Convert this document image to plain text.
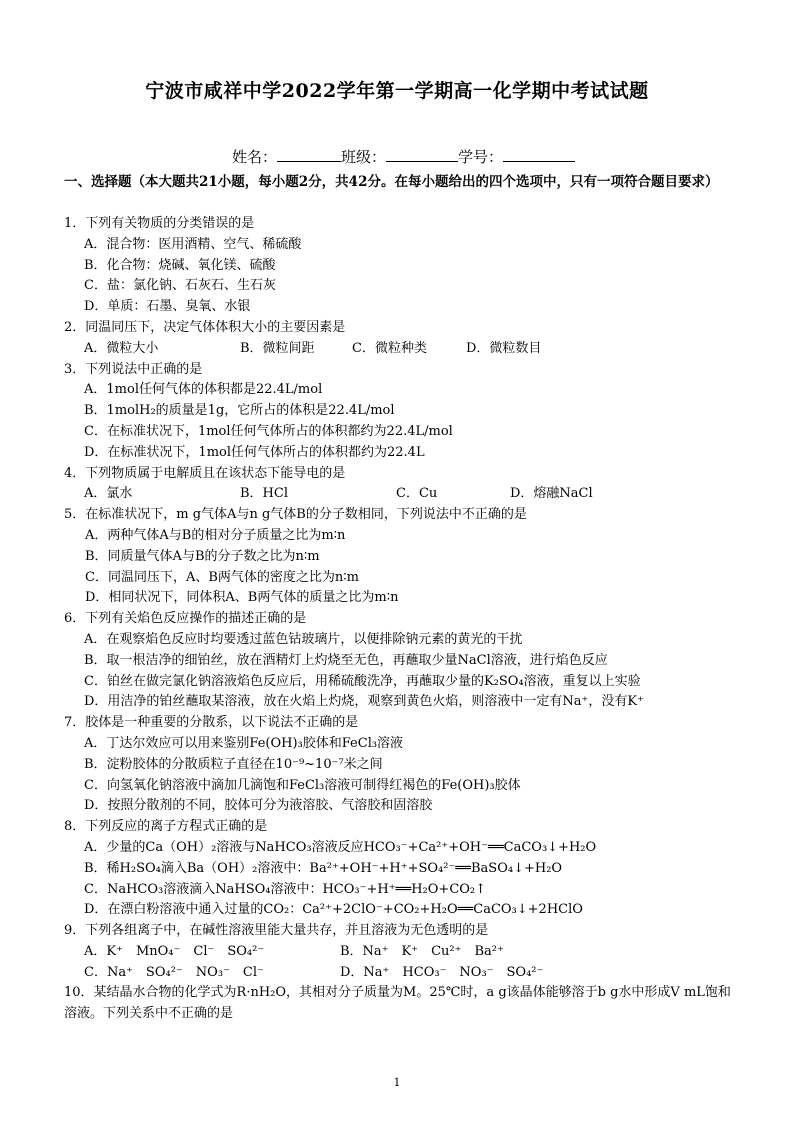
宁波市咸祥中学2022学年第一学期高一化学期中考试试题
姓名：	班级：	学号：
一、选择题（本大题共21小题，每小题2分，共42分。在每小题给出的四个选项中，只有一项符合题目要求）
1．下列有关物质的分类错误的是
A．混合物：医用酒精、空气、稀硫酸
B．化合物：烧碱、氧化镁、硫酸
C．盐：氯化钠、石灰石、生石灰
D．单质：石墨、臭氧、水银
2．同温同压下，决定气体体积大小的主要因素是
A．微粒大小	B．微粒间距	C．微粒种类	D．微粒数目
3．下列说法中正确的是
A．1mol任何气体的体积都是22.4L/mol
B．1molH₂的质量是1g，它所占的体积是22.4L/mol
C．在标准状况下，1mol任何气体所占的体积都约为22.4L/mol
D．在标准状况下，1mol任何气体所占的体积都约为22.4L
4．下列物质属于电解质且在该状态下能导电的是
A．氯水	B．HCl	C．Cu	D．熔融NaCl
5．在标准状况下，m g气体A与n g气体B的分子数相同，下列说法中不正确的是
A．两种气体A与B的相对分子质量之比为m∶n
B．同质量气体A与B的分子数之比为n∶m
C．同温同压下，A、B两气体的密度之比为n∶m
D．相同状况下，同体积A、B两气体的质量之比为m∶n
6．下列有关焰色反应操作的描述正确的是
A．在观察焰色反应时均要透过蓝色钴玻璃片，以便排除钠元素的黄光的干扰
B．取一根洁净的细铂丝，放在酒精灯上灼烧至无色，再蘸取少量NaCl溶液，进行焰色反应
C．铂丝在做完氯化钠溶液焰色反应后，用稀硫酸洗净，再蘸取少量的K₂SO₄溶液，重复以上实验
D．用洁净的铂丝蘸取某溶液，放在火焰上灼烧，观察到黄色火焰，则溶液中一定有Na⁺，没有K⁺
7．胶体是一种重要的分散系，以下说法不正确的是
A．丁达尔效应可以用来鉴别Fe(OH)₃胶体和FeCl₃溶液
B．淀粉胶体的分散质粒子直径在10⁻⁹~10⁻⁷米之间
C．向氢氧化钠溶液中滴加几滴饱和FeCl₃溶液可制得红褐色的Fe(OH)₃胶体
D．按照分散剂的不同，胶体可分为液溶胶、气溶胶和固溶胶
8．下列反应的离子方程式正确的是
A．少量的Ca（OH）₂溶液与NaHCO₃溶液反应HCO₃⁻+Ca²⁺+OH⁻══CaCO₃↓+H₂O
B．稀H₂SO₄滴入Ba（OH）₂溶液中：Ba²⁺+OH⁻+H⁺+SO₄²⁻══BaSO₄↓+H₂O
C．NaHCO₃溶液滴入NaHSO₄溶液中：HCO₃⁻+H⁺══H₂O+CO₂↑
D．在漂白粉溶液中通入过量的CO₂：Ca²⁺+2ClO⁻+CO₂+H₂O══CaCO₃↓+2HClO
9．下列各组离子中，在碱性溶液里能大量共存，并且溶液为无色透明的是
A．K⁺　MnO₄⁻　Cl⁻　SO₄²⁻	B．Na⁺　K⁺　Cu²⁺　Ba²⁺
C．Na⁺　SO₄²⁻　NO₃⁻　Cl⁻	D．Na⁺　HCO₃⁻　NO₃⁻　SO₄²⁻
10．某结晶水合物的化学式为R·nH₂O，其相对分子质量为M。25℃时，a g该晶体能够溶于b g水中形成V mL饱和溶液。下列关系中不正确的是
1
